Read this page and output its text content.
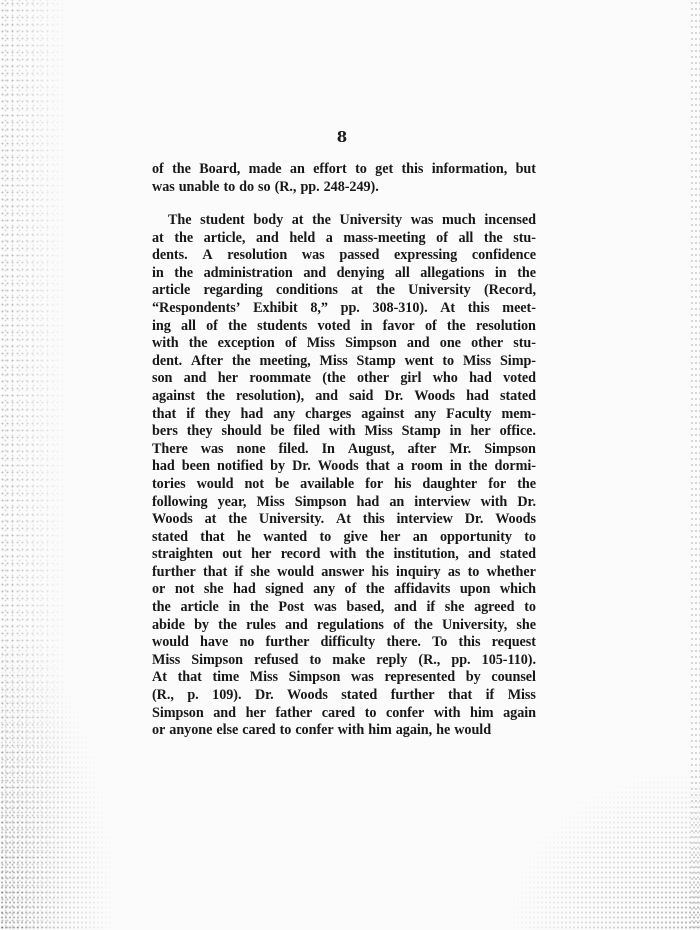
8
of the Board, made an effort to get this information, but
was unable to do so (R., pp. 248-249).
The student body at the University was much incensed
at the article, and held a mass-meeting of all the stu-
dents. A resolution was passed expressing confidence
in the administration and denying all allegations in the
article regarding conditions at the University (Record,
“Respondents’ Exhibit 8,” pp. 308-310). At this meet-
ing all of the students voted in favor of the resolution
with the exception of Miss Simpson and one other stu-
dent. After the meeting, Miss Stamp went to Miss Simp-
son and her roommate (the other girl who had voted
against the resolution), and said Dr. Woods had stated
that if they had any charges against any Faculty mem-
bers they should be filed with Miss Stamp in her office.
There was none filed. In August, after Mr. Simpson
had been notified by Dr. Woods that a room in the dormi-
tories would not be available for his daughter for the
following year, Miss Simpson had an interview with Dr.
Woods at the University. At this interview Dr. Woods
stated that he wanted to give her an opportunity to
straighten out her record with the institution, and stated
further that if she would answer his inquiry as to whether
or not she had signed any of the affidavits upon which
the article in the Post was based, and if she agreed to
abide by the rules and regulations of the University, she
would have no further difficulty there. To this request
Miss Simpson refused to make reply (R., pp. 105-110).
At that time Miss Simpson was represented by counsel
(R., p. 109). Dr. Woods stated further that if Miss
Simpson and her father cared to confer with him again
or anyone else cared to confer with him again, he would
